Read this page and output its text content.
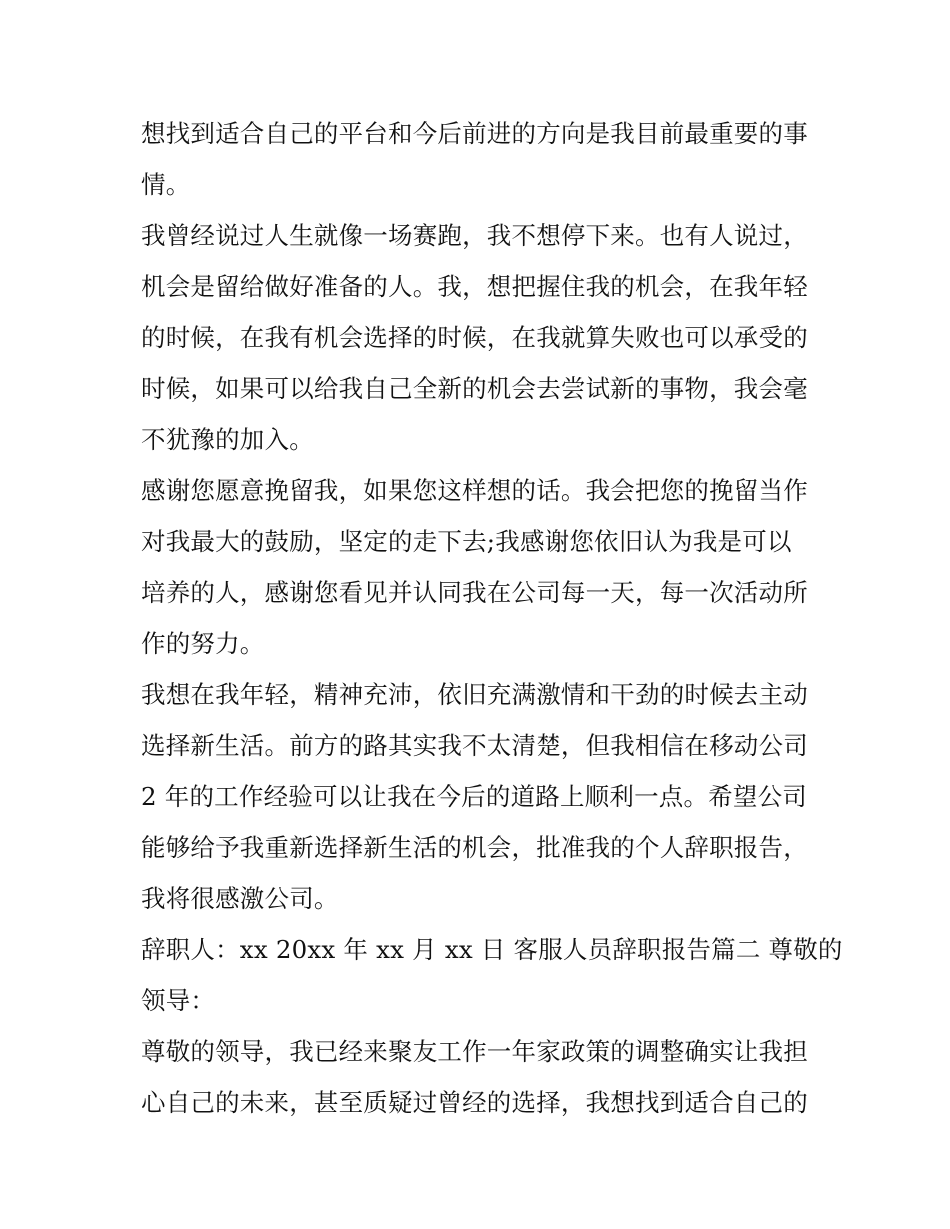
想找到适合自己的平台和今后前进的方向是我目前最重要的事
情。
我曾经说过人生就像一场赛跑，我不想停下来。也有人说过，
机会是留给做好准备的人。我，想把握住我的机会，在我年轻
的时候，在我有机会选择的时候，在我就算失败也可以承受的
时候，如果可以给我自己全新的机会去尝试新的事物，我会毫
不犹豫的加入。
感谢您愿意挽留我，如果您这样想的话。我会把您的挽留当作
对我最大的鼓励，坚定的走下去;我感谢您依旧认为我是可以
培养的人，感谢您看见并认同我在公司每一天，每一次活动所
作的努力。
我想在我年轻，精神充沛，依旧充满激情和干劲的时候去主动
选择新生活。前方的路其实我不太清楚，但我相信在移动公司
2 年的工作经验可以让我在今后的道路上顺利一点。希望公司
能够给予我重新选择新生活的机会，批准我的个人辞职报告，
我将很感激公司。
辞职人：xx 20xx 年 xx 月 xx 日 客服人员辞职报告篇二 尊敬的
领导：
尊敬的领导，我已经来聚友工作一年家政策的调整确实让我担
心自己的未来，甚至质疑过曾经的选择，我想找到适合自己的
